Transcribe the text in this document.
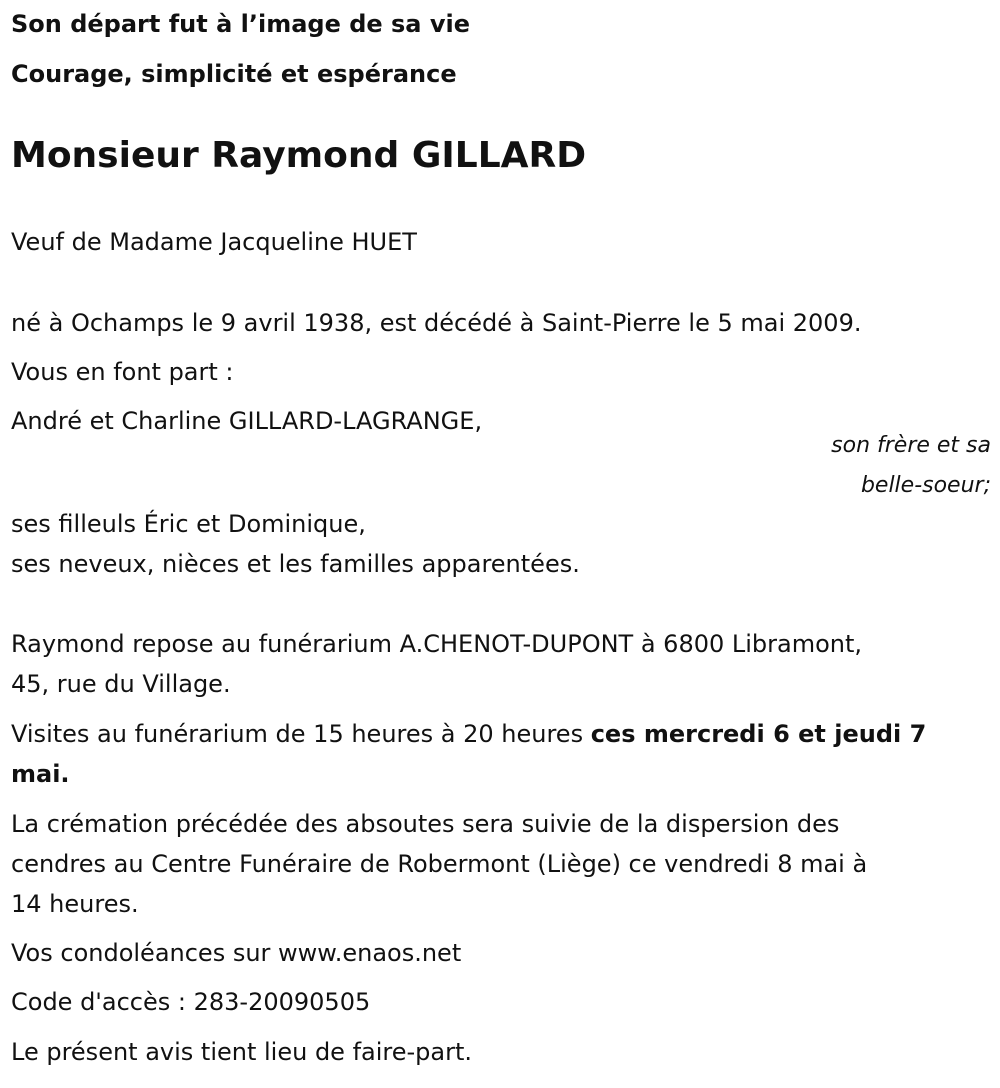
Son départ fut à l’image de sa vie
Courage, simplicité et espérance
Monsieur Raymond GILLARD
Veuf de Madame Jacqueline HUET
né à Ochamps le 9 avril 1938, est décédé à Saint-Pierre le 5 mai 2009.
Vous en font part :
André et Charline GILLARD-LAGRANGE,
son frère et sa
belle-soeur;
ses filleuls Éric et Dominique,
ses neveux, nièces et les familles apparentées.
Raymond repose au funérarium A.CHENOT-DUPONT à 6800 Libramont,
45, rue du Village.
Visites au funérarium de 15 heures à 20 heures ces mercredi 6 et jeudi 7
mai.
La crémation précédée des absoutes sera suivie de la dispersion des
cendres au Centre Funéraire de Robermont (Liège) ce vendredi 8 mai à
14 heures.
Vos condoléances sur www.enaos.net
Code d'accès : 283-20090505
Le présent avis tient lieu de faire-part.
